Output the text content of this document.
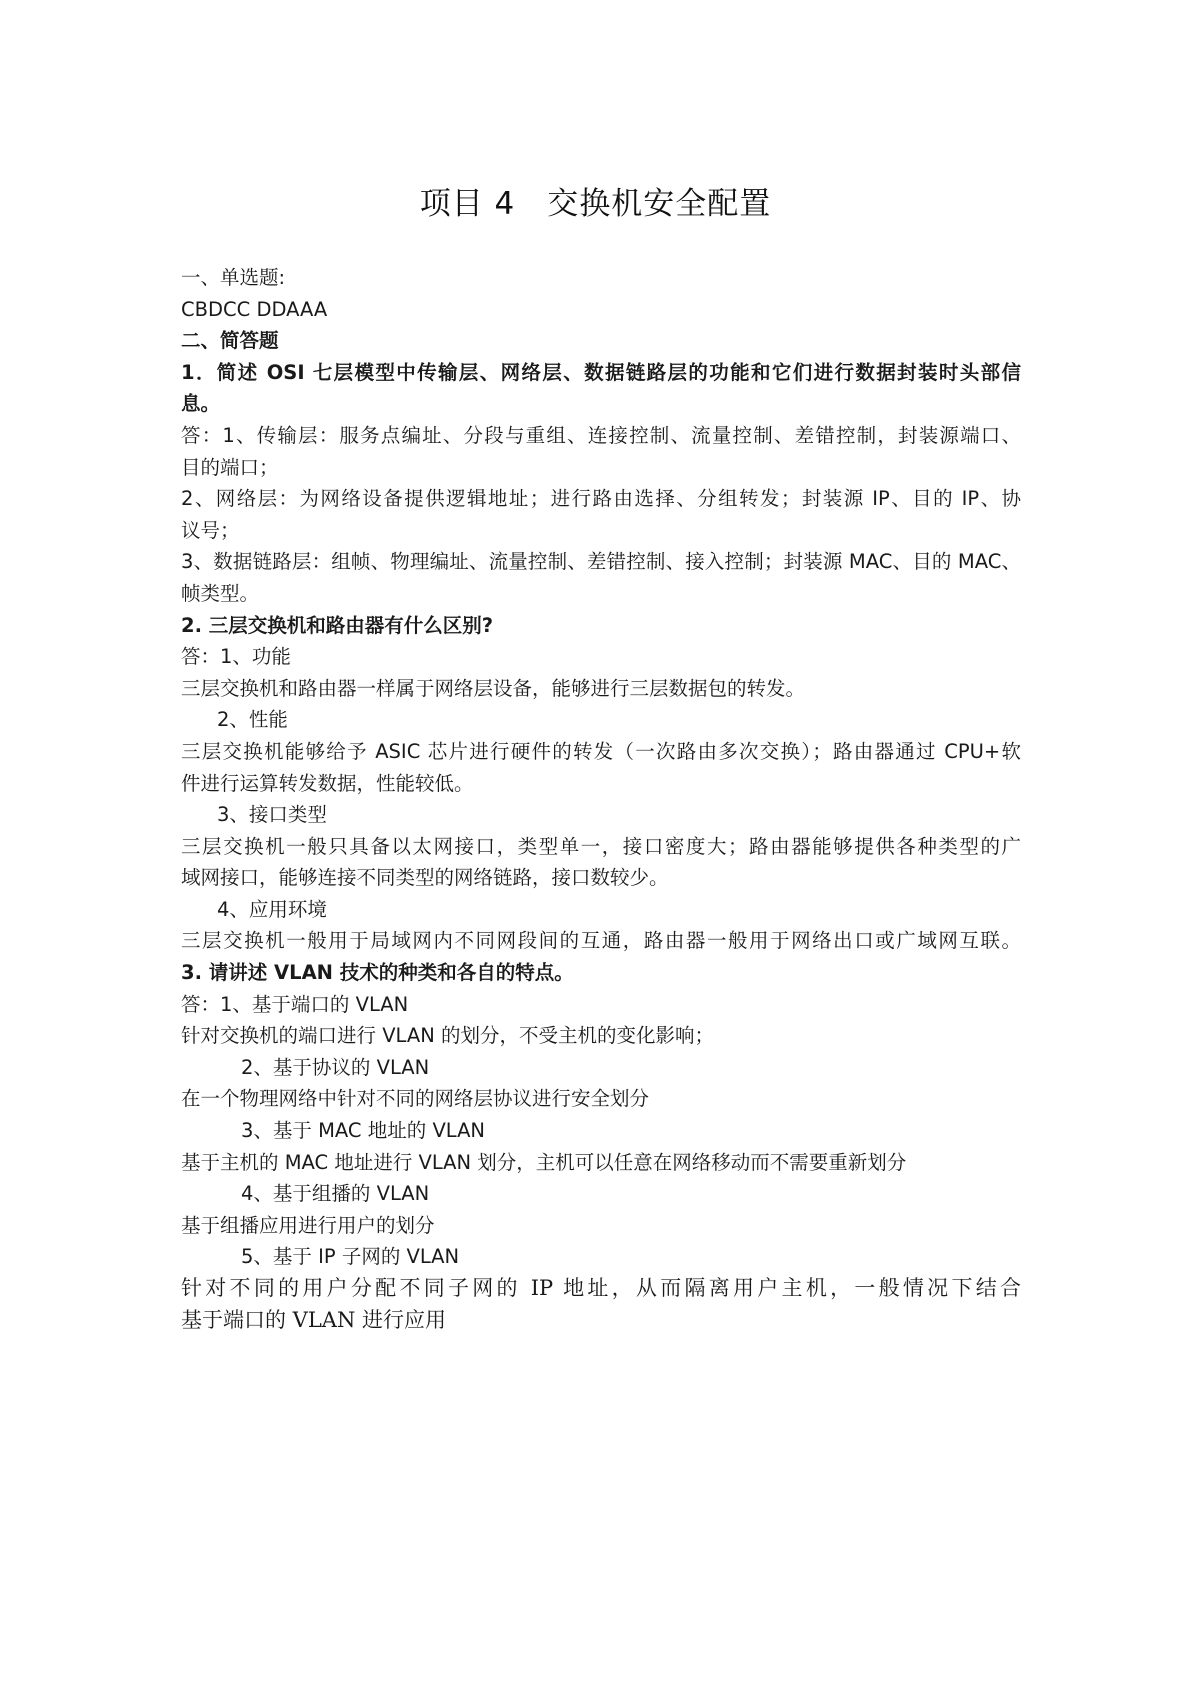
项目 4　交换机安全配置
一、单选题:
CBDCC DDAAA
二、简答题
1．简述 OSI 七层模型中传输层、网络层、数据链路层的功能和它们进行数据封装时头部信
息。
答：1、传输层：服务点编址、分段与重组、连接控制、流量控制、差错控制，封装源端口、
目的端口；
2、网络层：为网络设备提供逻辑地址；进行路由选择、分组转发；封装源 IP、目的 IP、协
议号；
3、数据链路层：组帧、物理编址、流量控制、差错控制、接入控制；封装源 MAC、目的 MAC、
帧类型。
2. 三层交换机和路由器有什么区别?
答：1、功能
三层交换机和路由器一样属于网络层设备，能够进行三层数据包的转发。
2、性能
三层交换机能够给予 ASIC 芯片进行硬件的转发（一次路由多次交换）；路由器通过 CPU+软
件进行运算转发数据，性能较低。
3、接口类型
三层交换机一般只具备以太网接口，类型单一，接口密度大；路由器能够提供各种类型的广
域网接口，能够连接不同类型的网络链路，接口数较少。
4、应用环境
三层交换机一般用于局域网内不同网段间的互通，路由器一般用于网络出口或广域网互联。
3. 请讲述 VLAN 技术的种类和各自的特点。
答：1、基于端口的 VLAN
针对交换机的端口进行 VLAN 的划分，不受主机的变化影响；
2、基于协议的 VLAN
在一个物理网络中针对不同的网络层协议进行安全划分
3、基于 MAC 地址的 VLAN
基于主机的 MAC 地址进行 VLAN 划分，主机可以任意在网络移动而不需要重新划分
4、基于组播的 VLAN
基于组播应用进行用户的划分
5、基于 IP 子网的 VLAN
针对不同的用户分配不同子网的 IP 地址，从而隔离用户主机，一般情况下结合
基于端口的 VLAN 进行应用
